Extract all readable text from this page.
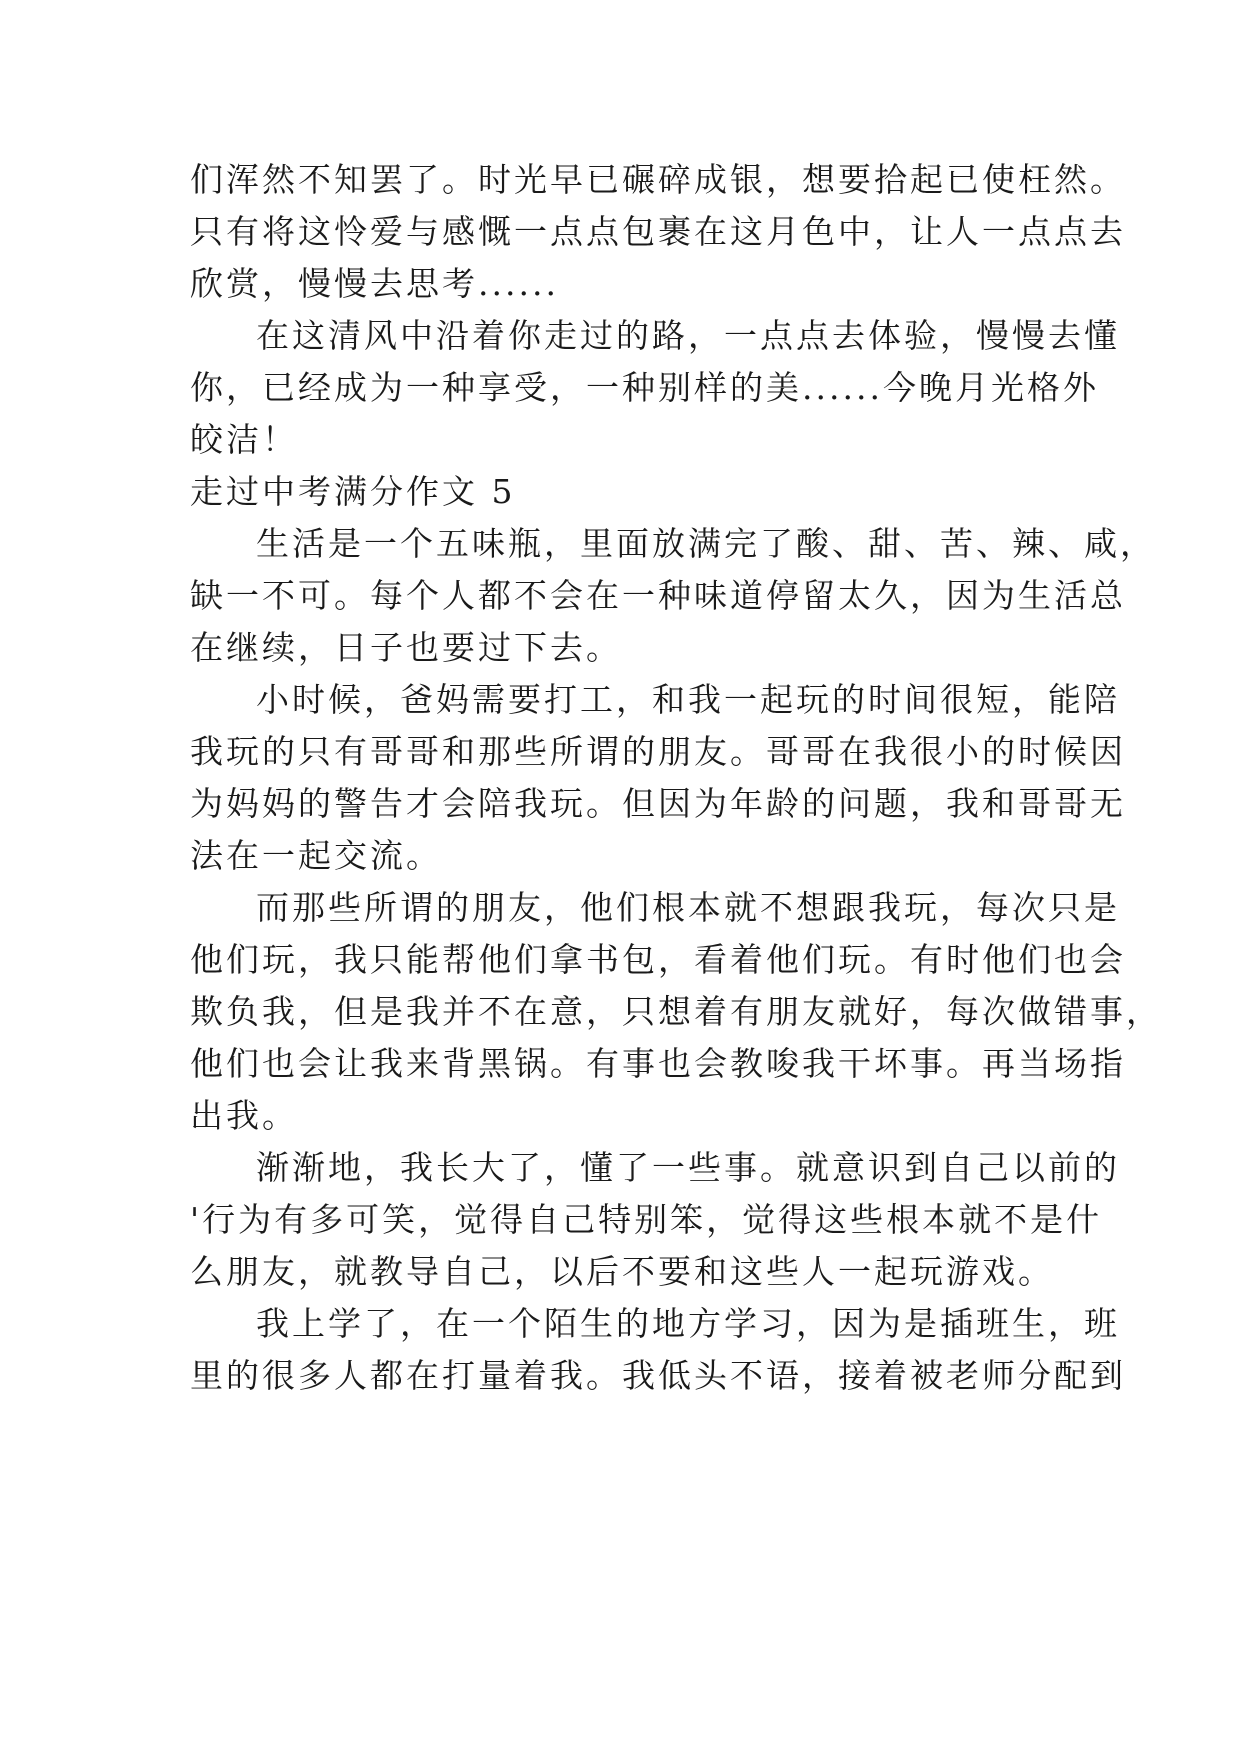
们浑然不知罢了。时光早已碾碎成银，想要拾起已使枉然。
只有将这怜爱与感慨一点点包裹在这月色中，让人一点点去
欣赏，慢慢去思考......
在这清风中沿着你走过的路，一点点去体验，慢慢去懂
你，已经成为一种享受，一种别样的美......今晚月光格外
皎洁！
走过中考满分作文 5
生活是一个五味瓶，里面放满完了酸、甜、苦、辣、咸，
缺一不可。每个人都不会在一种味道停留太久，因为生活总
在继续，日子也要过下去。
小时候，爸妈需要打工，和我一起玩的时间很短，能陪
我玩的只有哥哥和那些所谓的朋友。哥哥在我很小的时候因
为妈妈的警告才会陪我玩。但因为年龄的问题，我和哥哥无
法在一起交流。
而那些所谓的朋友，他们根本就不想跟我玩，每次只是
他们玩，我只能帮他们拿书包，看着他们玩。有时他们也会
欺负我，但是我并不在意，只想着有朋友就好，每次做错事，
他们也会让我来背黑锅。有事也会教唆我干坏事。再当场指
出我。
渐渐地，我长大了，懂了一些事。就意识到自己以前的
'行为有多可笑，觉得自己特别笨，觉得这些根本就不是什
么朋友，就教导自己，以后不要和这些人一起玩游戏。
我上学了，在一个陌生的地方学习，因为是插班生，班
里的很多人都在打量着我。我低头不语，接着被老师分配到
